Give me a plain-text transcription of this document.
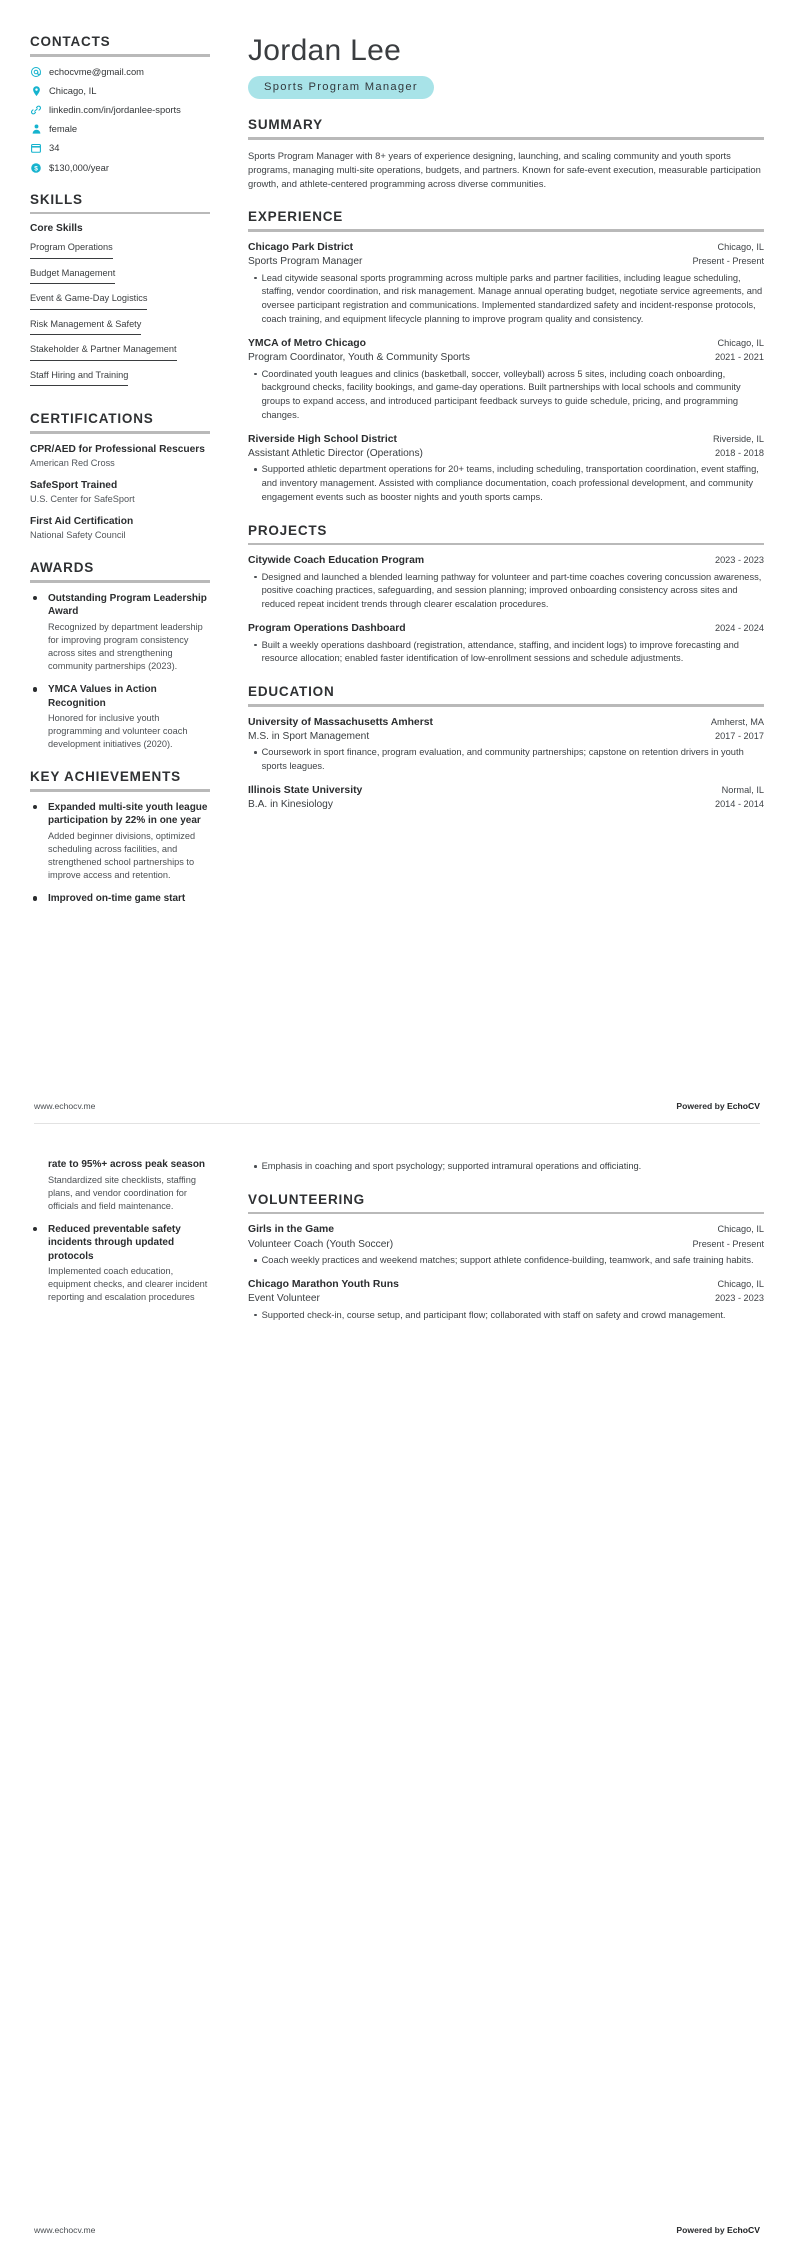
CONTACTS
echocvme@gmail.com
Chicago, IL
linkedin.com/in/jordanlee-sports
female
34
$ $130,000/year
SKILLS
Core Skills
Program Operations
Budget Management
Event & Game-Day Logistics
Risk Management & Safety
Stakeholder & Partner Management
Staff Hiring and Training
CERTIFICATIONS
CPR/AED for Professional Rescuers
American Red Cross
SafeSport Trained
U.S. Center for SafeSport
First Aid Certification
National Safety Council
AWARDS
Outstanding Program Leadership Award
Recognized by department leadership for improving program consistency across sites and strengthening community partnerships (2023).
YMCA Values in Action Recognition
Honored for inclusive youth programming and volunteer coach development initiatives (2020).
KEY ACHIEVEMENTS
Expanded multi-site youth league participation by 22% in one year
Added beginner divisions, optimized scheduling across facilities, and strengthened school partnerships to improve access and retention.
Improved on-time game start
Jordan Lee
Sports Program Manager
SUMMARY
Sports Program Manager with 8+ years of experience designing, launching, and scaling community and youth sports programs, managing multi-site operations, budgets, and partners. Known for safe-event execution, measurable participation growth, and athlete-centered programming across diverse communities.
EXPERIENCE
Chicago Park District	Chicago, IL
Sports Program Manager	Present - Present
Lead citywide seasonal sports programming across multiple parks and partner facilities, including league scheduling, staffing, vendor coordination, and risk management. Manage annual operating budget, negotiate service agreements, and oversee participant registration and communications. Implemented standardized safety and incident-response protocols, coach training, and equipment lifecycle planning to improve program quality and consistency.
YMCA of Metro Chicago	Chicago, IL
Program Coordinator, Youth & Community Sports	2021 - 2021
Coordinated youth leagues and clinics (basketball, soccer, volleyball) across 5 sites, including coach onboarding, background checks, facility bookings, and game-day operations. Built partnerships with local schools and community groups to expand access, and introduced participant feedback surveys to guide schedule, pricing, and programming changes.
Riverside High School District	Riverside, IL
Assistant Athletic Director (Operations)	2018 - 2018
Supported athletic department operations for 20+ teams, including scheduling, transportation coordination, event staffing, and inventory management. Assisted with compliance documentation, coach professional development, and community engagement events such as booster nights and youth sports camps.
PROJECTS
Citywide Coach Education Program	2023 - 2023
Designed and launched a blended learning pathway for volunteer and part-time coaches covering concussion awareness, positive coaching practices, safeguarding, and session planning; improved onboarding consistency across sites and reduced repeat incident trends through clearer escalation procedures.
Program Operations Dashboard	2024 - 2024
Built a weekly operations dashboard (registration, attendance, staffing, and incident logs) to improve forecasting and resource allocation; enabled faster identification of low-enrollment sessions and schedule adjustments.
EDUCATION
University of Massachusetts Amherst	Amherst, MA
M.S. in Sport Management	2017 - 2017
Coursework in sport finance, program evaluation, and community partnerships; capstone on retention drivers in youth sports leagues.
Illinois State University	Normal, IL
B.A. in Kinesiology	2014 - 2014
www.echocv.me	Powered by EchoCV
rate to 95%+ across peak season
Standardized site checklists, staffing plans, and vendor coordination for officials and field maintenance.
Reduced preventable safety incidents through updated protocols
Implemented coach education, equipment checks, and clearer incident reporting and escalation procedures
Emphasis in coaching and sport psychology; supported intramural operations and officiating.
VOLUNTEERING
Girls in the Game	Chicago, IL
Volunteer Coach (Youth Soccer)	Present - Present
Coach weekly practices and weekend matches; support athlete confidence-building, teamwork, and safe training habits.
Chicago Marathon Youth Runs	Chicago, IL
Event Volunteer	2023 - 2023
Supported check-in, course setup, and participant flow; collaborated with staff on safety and crowd management.
www.echocv.me	Powered by EchoCV
